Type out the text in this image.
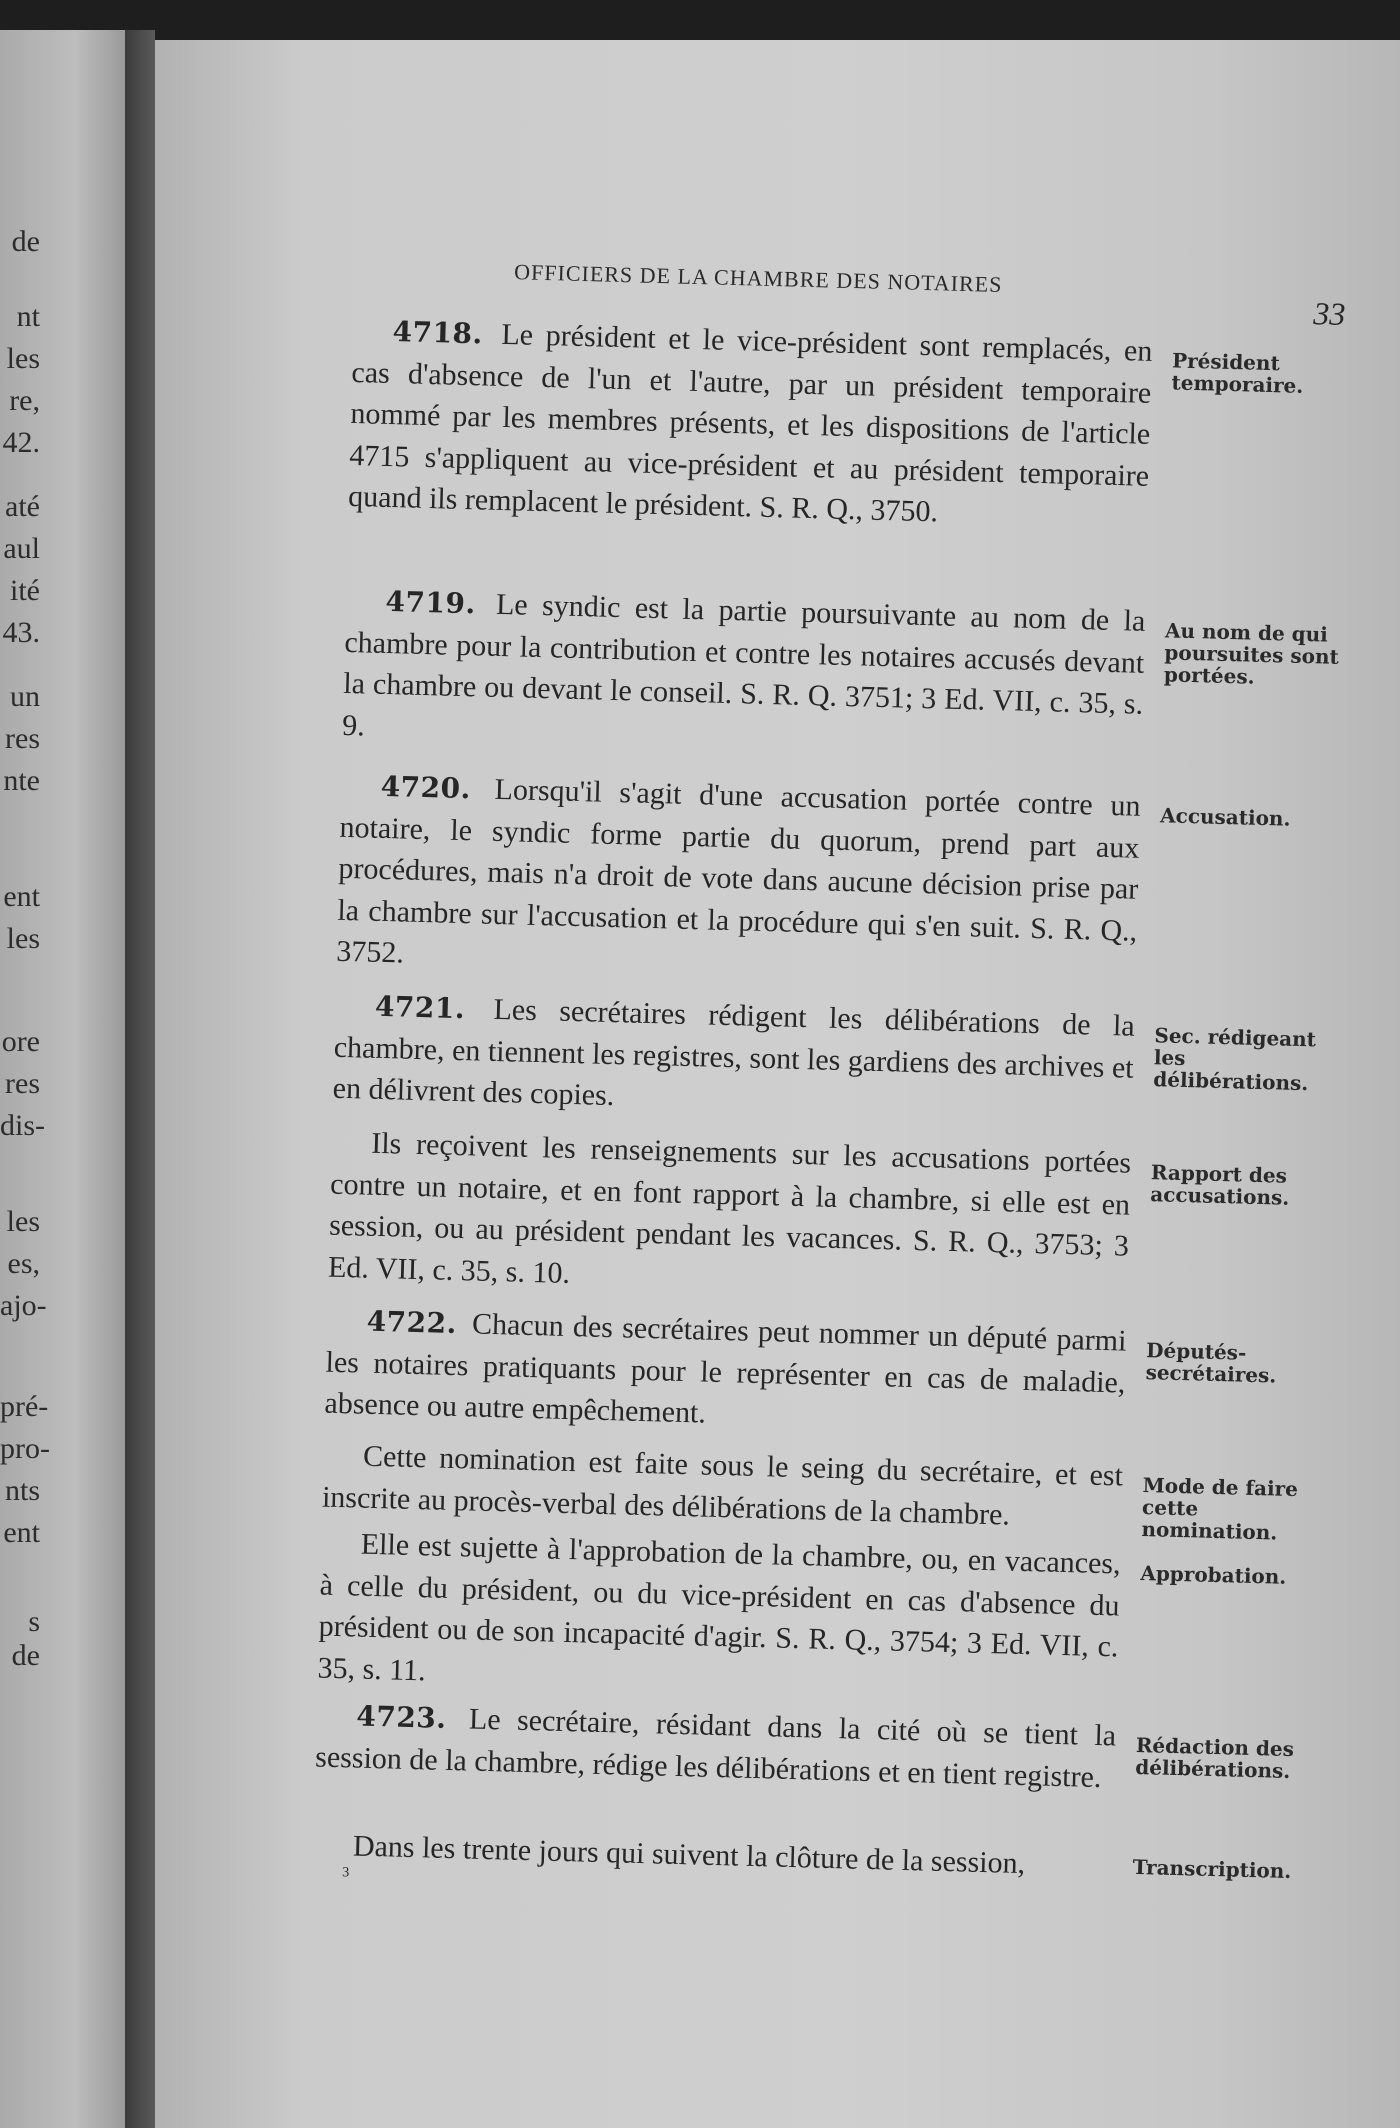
de
nt
les
re,
42.
até
aul
ité
43.
un
res
nte
ent
les
ore
res
dis-
les
es,
ajo-
pré-
pro-
nts
ent
s de
OFFICIERS DE LA CHAMBRE DES NOTAIRES
33

4718. Le président et le vice-président sont remplacés, en cas d'absence de l'un et l'autre, par un président temporaire nommé par les membres présents, et les dispositions de l'article 4715 s'appliquent au vice-président et au président temporaire quand ils remplacent le président. S. R. Q., 3750.

Président temporaire.

4719. Le syndic est la partie poursuivante au nom de la chambre pour la contribution et contre les notaires accusés devant la chambre ou devant le conseil. S. R. Q. 3751; 3 Ed. VII, c. 35, s. 9.

Au nom de qui poursuites sont portées.

4720. Lorsqu'il s'agit d'une accusation portée contre un notaire, le syndic forme partie du quorum, prend part aux procédures, mais n'a droit de vote dans aucune décision prise par la chambre sur l'accusation et la procédure qui s'en suit. S. R. Q., 3752.

Accusation.

4721. Les secrétaires rédigent les délibérations de la chambre, en tiennent les registres, sont les gardiens des archives et en délivrent des copies.

Sec. rédigeant les délibérations.

Ils reçoivent les renseignements sur les accusations portées contre un notaire, et en font rapport à la chambre, si elle est en session, ou au président pendant les vacances. S. R. Q., 3753; 3 Ed. VII, c. 35, s. 10.

Rapport des accusations.

4722. Chacun des secrétaires peut nommer un député parmi les notaires pratiquants pour le représenter en cas de maladie, absence ou autre empêchement.

Députés-secrétaires.

Cette nomination est faite sous le seing du secrétaire, et est inscrite au procès-verbal des délibérations de la chambre.	Mode de faire cette nomination.

Elle est sujette à l'approbation de la chambre, ou, en vacances, à celle du président, ou du vice-président en cas d'absence du président ou de son incapacité d'agir. S. R. Q., 3754; 3 Ed. VII, c. 35, s. 11.

Approbation.

4723. Le secrétaire, résidant dans la cité où se tient la session de la chambre, rédige les délibérations et en tient registre.	Rédaction des délibérations.

Dans les trente jours qui suivent la clôture de la session,	Transcription.
3
